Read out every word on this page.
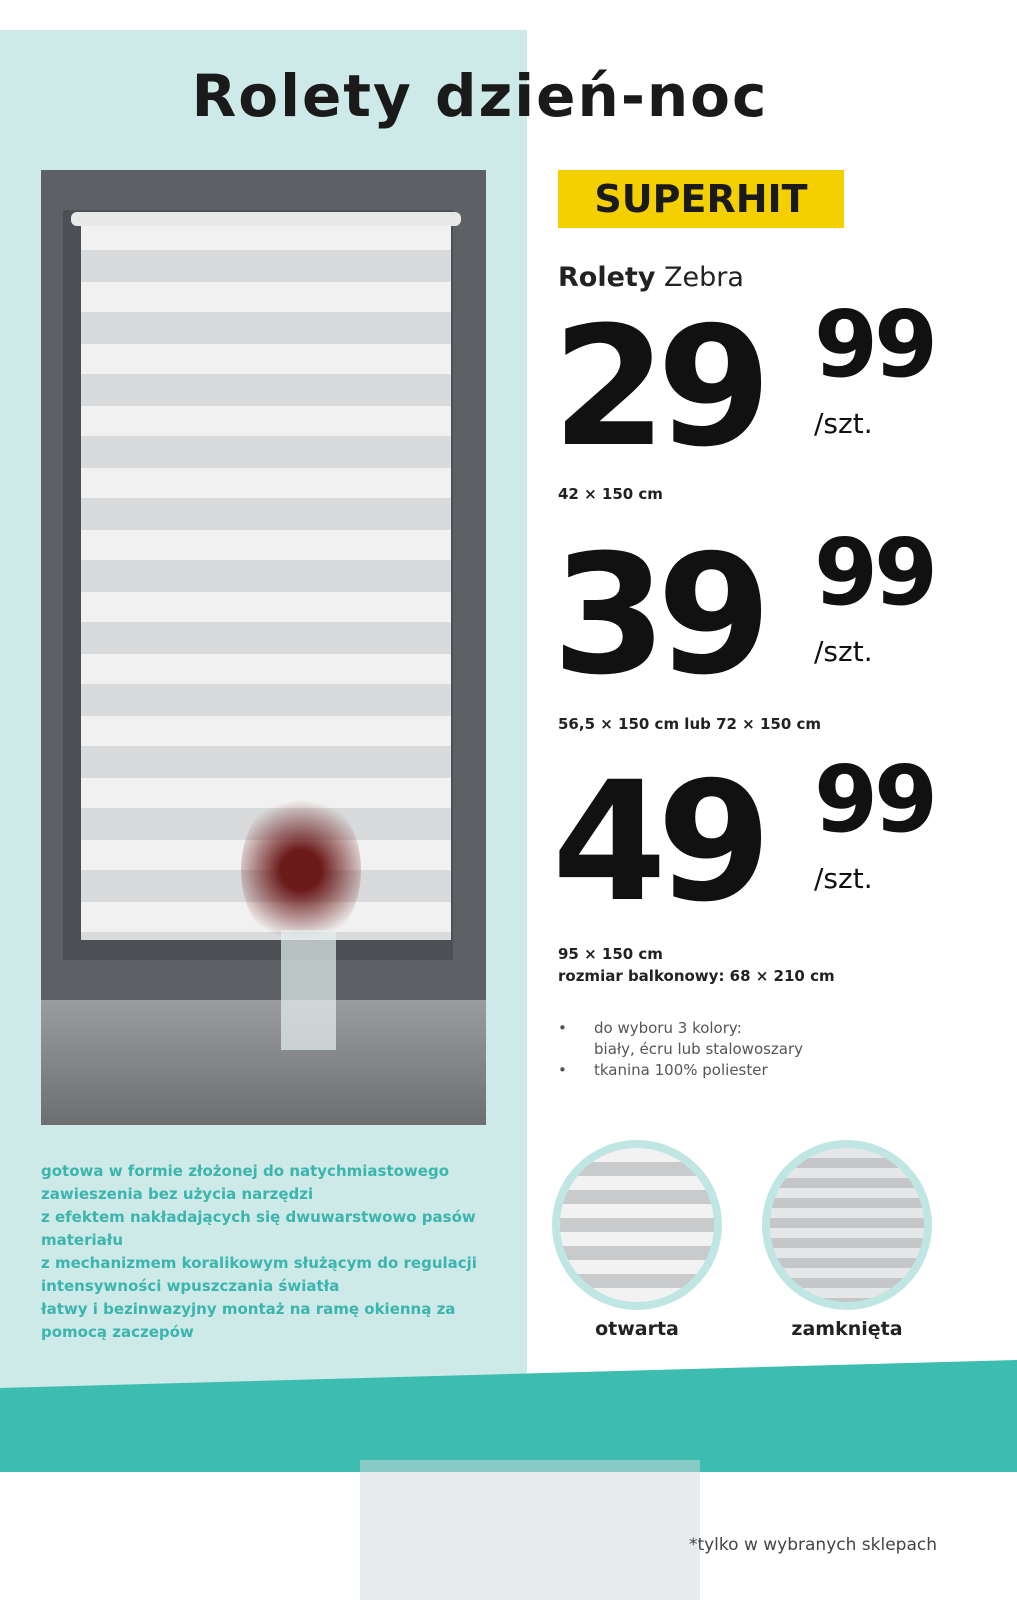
Rolety dzień-noc
SUPERHIT
Rolety Zebra
29 99
/szt.
42 × 150 cm
39 99
/szt.
56,5 × 150 cm lub 72 × 150 cm
49 99
/szt.
95 × 150 cm
rozmiar balkonowy: 68 × 210 cm
• do wyboru 3 kolory:
biały, écru lub stalowoszary
• tkanina 100% poliester

gotowa w formie złożonej do natychmiastowego zawieszenia bez użycia narzędzi

z efektem nakładających się dwuwarstwowo pasów materiału

z mechanizmem koralikowym służącym do regulacji intensywności wpuszczania światła

łatwy i bezinwazyjny montaż na ramę okienną za pomocą zaczepów	otwarta	zamknięta
*tylko w wybranych sklepach
